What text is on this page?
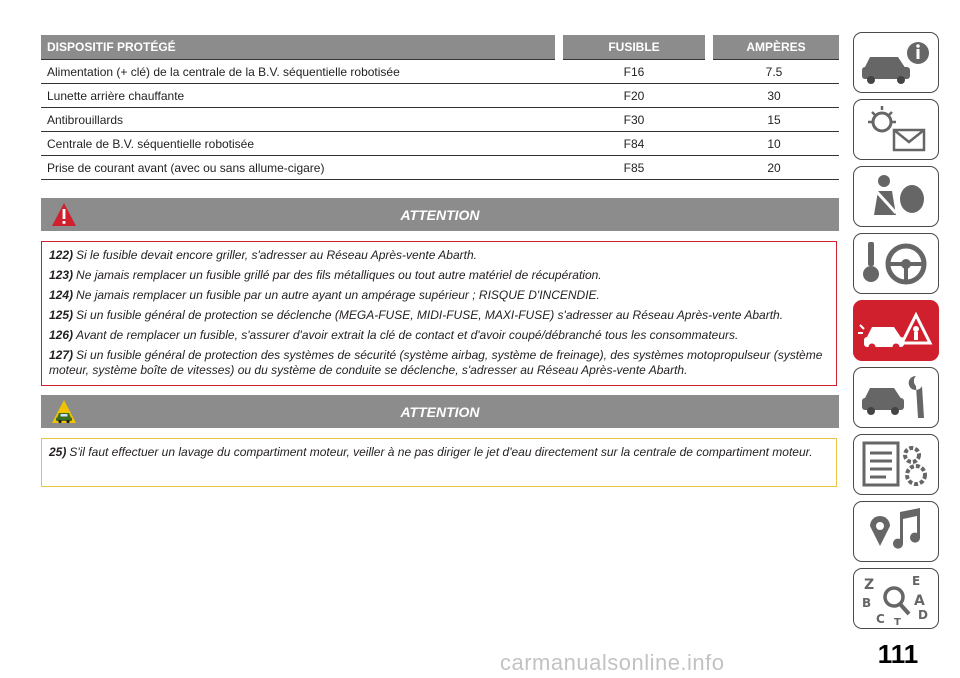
DISPOSITIF PROTÉGÉ	FUSIBLE	AMPÈRES
Alimentation (+ clé) de la centrale de la B.V. séquentielle robotisée	F16	7.5
Lunette arrière chauffante	F20	30
Antibrouillards	F30	15
Centrale de B.V. séquentielle robotisée	F84	10
Prise de courant avant (avec ou sans allume-cigare)	F85	20
ATTENTION

122) Si le fusible devait encore griller, s'adresser au Réseau Après-vente Abarth.

123) Ne jamais remplacer un fusible grillé par des fils métalliques ou tout autre matériel de récupération.

124) Ne jamais remplacer un fusible par un autre ayant un ampérage supérieur ; RISQUE D'INCENDIE.

125) Si un fusible général de protection se déclenche (MEGA-FUSE, MIDI-FUSE, MAXI-FUSE) s'adresser au Réseau Après-vente Abarth.

126) Avant de remplacer un fusible, s'assurer d'avoir extrait la clé de contact et d'avoir coupé/débranché tous les consommateurs.

127) Si un fusible général de protection des systèmes de sécurité (système airbag, système de freinage), des systèmes motopropulseur (système moteur, système boîte de vitesses) ou du système de conduite se déclenche, s'adresser au Réseau Après-vente Abarth.

ATTENTION

25) S'il faut effectuer un lavage du compartiment moteur, veiller à ne pas diriger le jet d'eau directement sur la centrale de compartiment moteur.

Z	E
B	A
C	D
T
111
carmanualsonline.info
